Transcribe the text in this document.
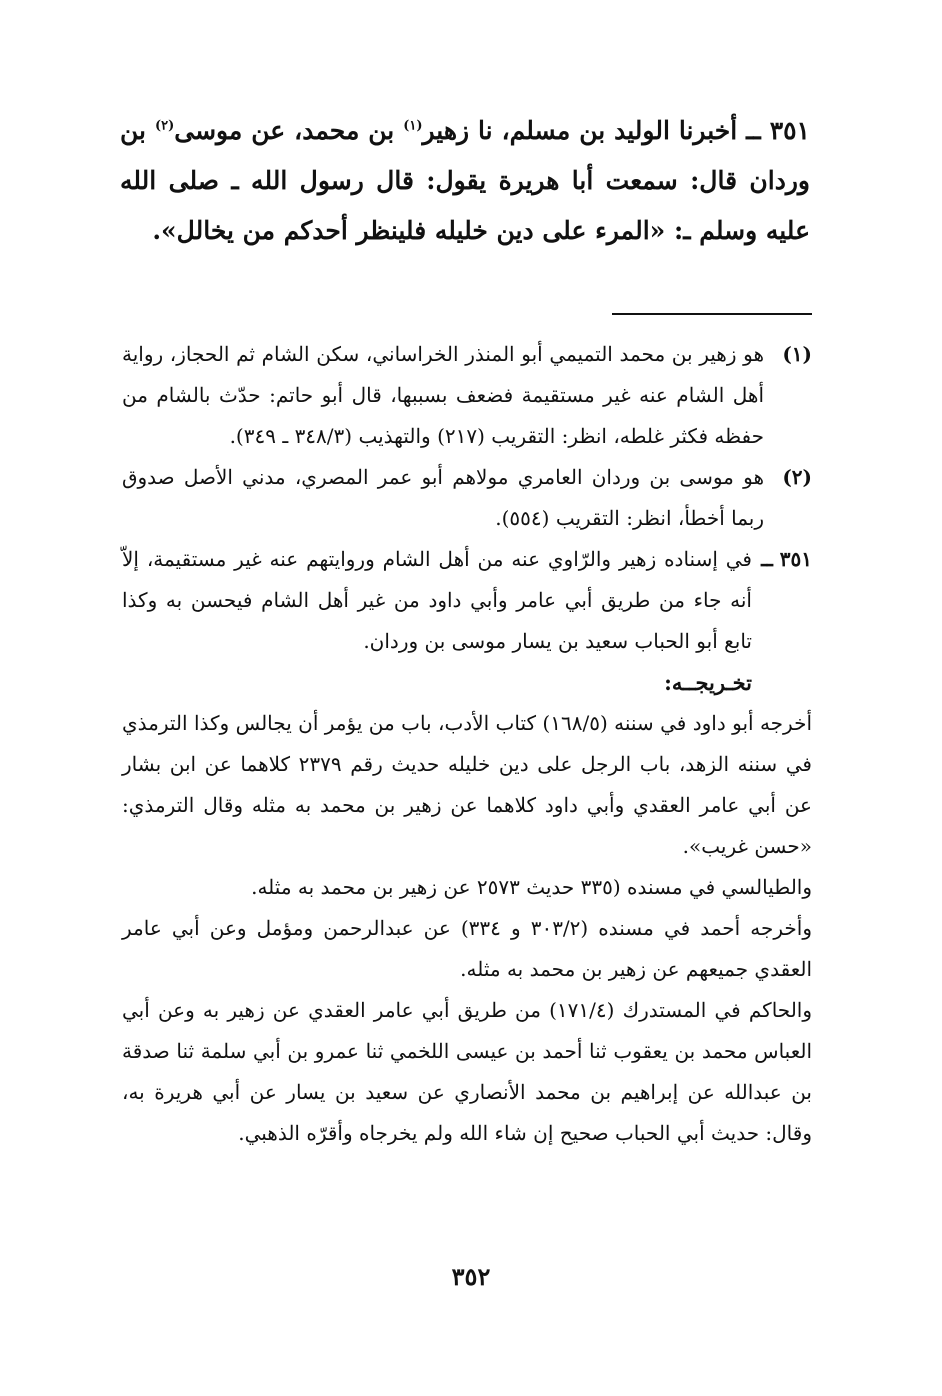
٣٥١ ــ أخبرنا الوليد بن مسلم، نا زهير$^{(١)}$ بن محمد، عن موسى$^{(٢)}$ بن وردان قال: سمعت أبا هريرة يقول: قال رسول الله ـ صلى الله عليه وسلم ـ: «المرء على دين خليله فلينظر أحدكم من يخالل».
(١)
هو زهير بن محمد التميمي أبو المنذر الخراساني، سكن الشام ثم الحجاز، رواية أهل الشام عنه غير مستقيمة فضعف بسببها، قال أبو حاتم: حدّث بالشام من حفظه فكثر غلطه، انظر: التقريب (٢١٧) والتهذيب (٣٤٨/٣ ـ ٣٤٩).
(٢)
هو موسى بن وردان العامري مولاهم أبو عمر المصري، مدني الأصل صدوق ربما أخطأ، انظر: التقريب (٥٥٤).
٣٥١ ــ
في إسناده زهير والرّاوي عنه من أهل الشام وروايتهم عنه غير مستقيمة، إلاّ أنه جاء من طريق أبي عامر وأبي داود من غير أهل الشام فيحسن به وكذا تابع أبو الحباب سعيد بن يسار موسى بن وردان.
تخـريجــه:

أخرجه أبو داود في سننه (١٦٨/٥) كتاب الأدب، باب من يؤمر أن يجالس وكذا الترمذي في سننه الزهد، باب الرجل على دين خليله حديث رقم ٢٣٧٩ كلاهما عن ابن بشار عن أبي عامر العقدي وأبي داود كلاهما عن زهير بن محمد به مثله وقال الترمذي: «حسن غريب».

والطيالسي في مسنده (٣٣٥ حديث ٢٥٧٣ عن زهير بن محمد به مثله.

وأخرجه أحمد في مسنده (٣٠٣/٢ و ٣٣٤) عن عبدالرحمن ومؤمل وعن أبي عامر العقدي جميعهم عن زهير بن محمد به مثله.

والحاكم في المستدرك (١٧١/٤) من طريق أبي عامر العقدي عن زهير به وعن أبي العباس محمد بن يعقوب ثنا أحمد بن عيسى اللخمي ثنا عمرو بن أبي سلمة ثنا صدقة بن عبدالله عن إبراهيم بن محمد الأنصاري عن سعيد بن يسار عن أبي هريرة به، وقال: حديث أبي الحباب صحيح إن شاء الله ولم يخرجاه وأقرّه الذهبي.

٣٥٢
